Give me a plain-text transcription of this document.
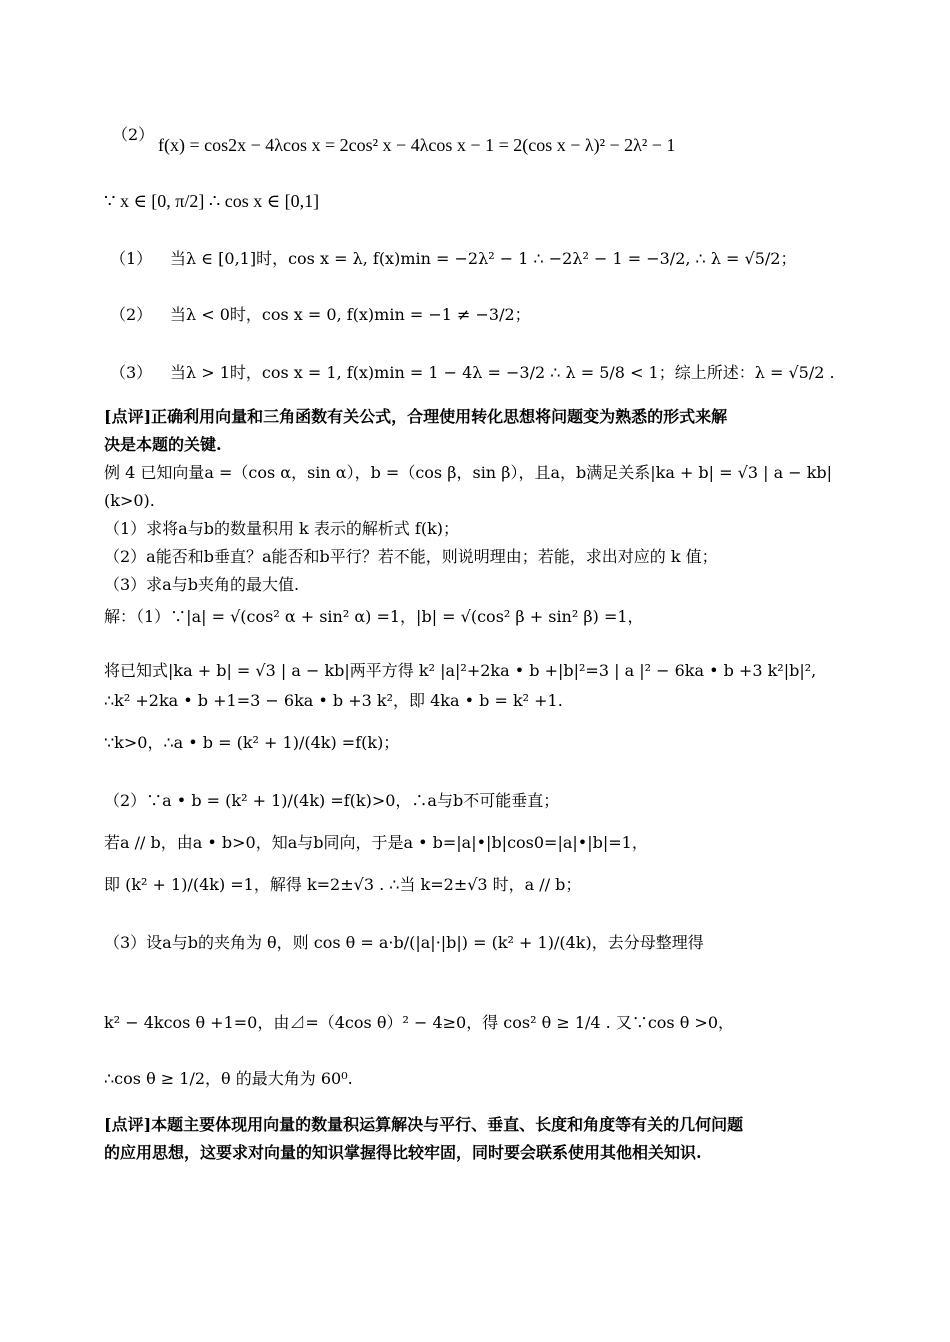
（2）
f(x) = cos2x − 4λcos x = 2cos² x − 4λcos x − 1 = 2(cos x − λ)² − 2λ² − 1
∵ x ∈ [0, π/2] ∴ cos x ∈ [0,1]
（1） 当λ ∈ [0,1]时，cos x = λ, f(x)min = −2λ² − 1 ∴ −2λ² − 1 = −3/2, ∴ λ = √5/2；
（2） 当λ < 0时，cos x = 0, f(x)min = −1 ≠ −3/2；
（3） 当λ > 1时，cos x = 1, f(x)min = 1 − 4λ = −3/2 ∴ λ = 5/8 < 1；综上所述：λ = √5/2 .
[点评]正确利用向量和三角函数有关公式，合理使用转化思想将问题变为熟悉的形式来解
决是本题的关键.
例 4 已知向量a =（cos α，sin α），b =（cos β，sin β），且a，b满足关系|ka + b| = √3 | a − kb|
(k>0).
（1）求将a与b的数量积用 k 表示的解析式 f(k)；
（2）a能否和b垂直？a能否和b平行？若不能，则说明理由；若能，求出对应的 k 值；
（3）求a与b夹角的最大值.
解：（1）∵|a| = √(cos² α + sin² α) =1，|b| = √(cos² β + sin² β) =1，
将已知式|ka + b| = √3 | a − kb|两平方得 k² |a|²+2ka • b +|b|²=3 | a |² − 6ka • b +3 k²|b|²,
∴k² +2ka • b +1=3 − 6ka • b +3 k²，即 4ka • b = k² +1.
∵k>0，∴a • b = (k² + 1)/(4k) =f(k)；
（2）∵a • b = (k² + 1)/(4k) =f(k)>0，∴a与b不可能垂直；
若a // b，由a • b>0，知a与b同向，于是a • b=|a|•|b|cos0=|a|•|b|=1，
即 (k² + 1)/(4k) =1，解得 k=2±√3 . ∴当 k=2±√3 时，a // b；
（3）设a与b的夹角为 θ，则 cos θ = a·b/(|a|·|b|) = (k² + 1)/(4k)，去分母整理得
k² − 4kcos θ +1=0，由⊿=（4cos θ）² − 4≥0，得 cos² θ ≥ 1/4 . 又∵cos θ >0，
∴cos θ ≥ 1/2，θ 的最大角为 60⁰.
[点评]本题主要体现用向量的数量积运算解决与平行、垂直、长度和角度等有关的几何问题
的应用思想，这要求对向量的知识掌握得比较牢固，同时要会联系使用其他相关知识.
